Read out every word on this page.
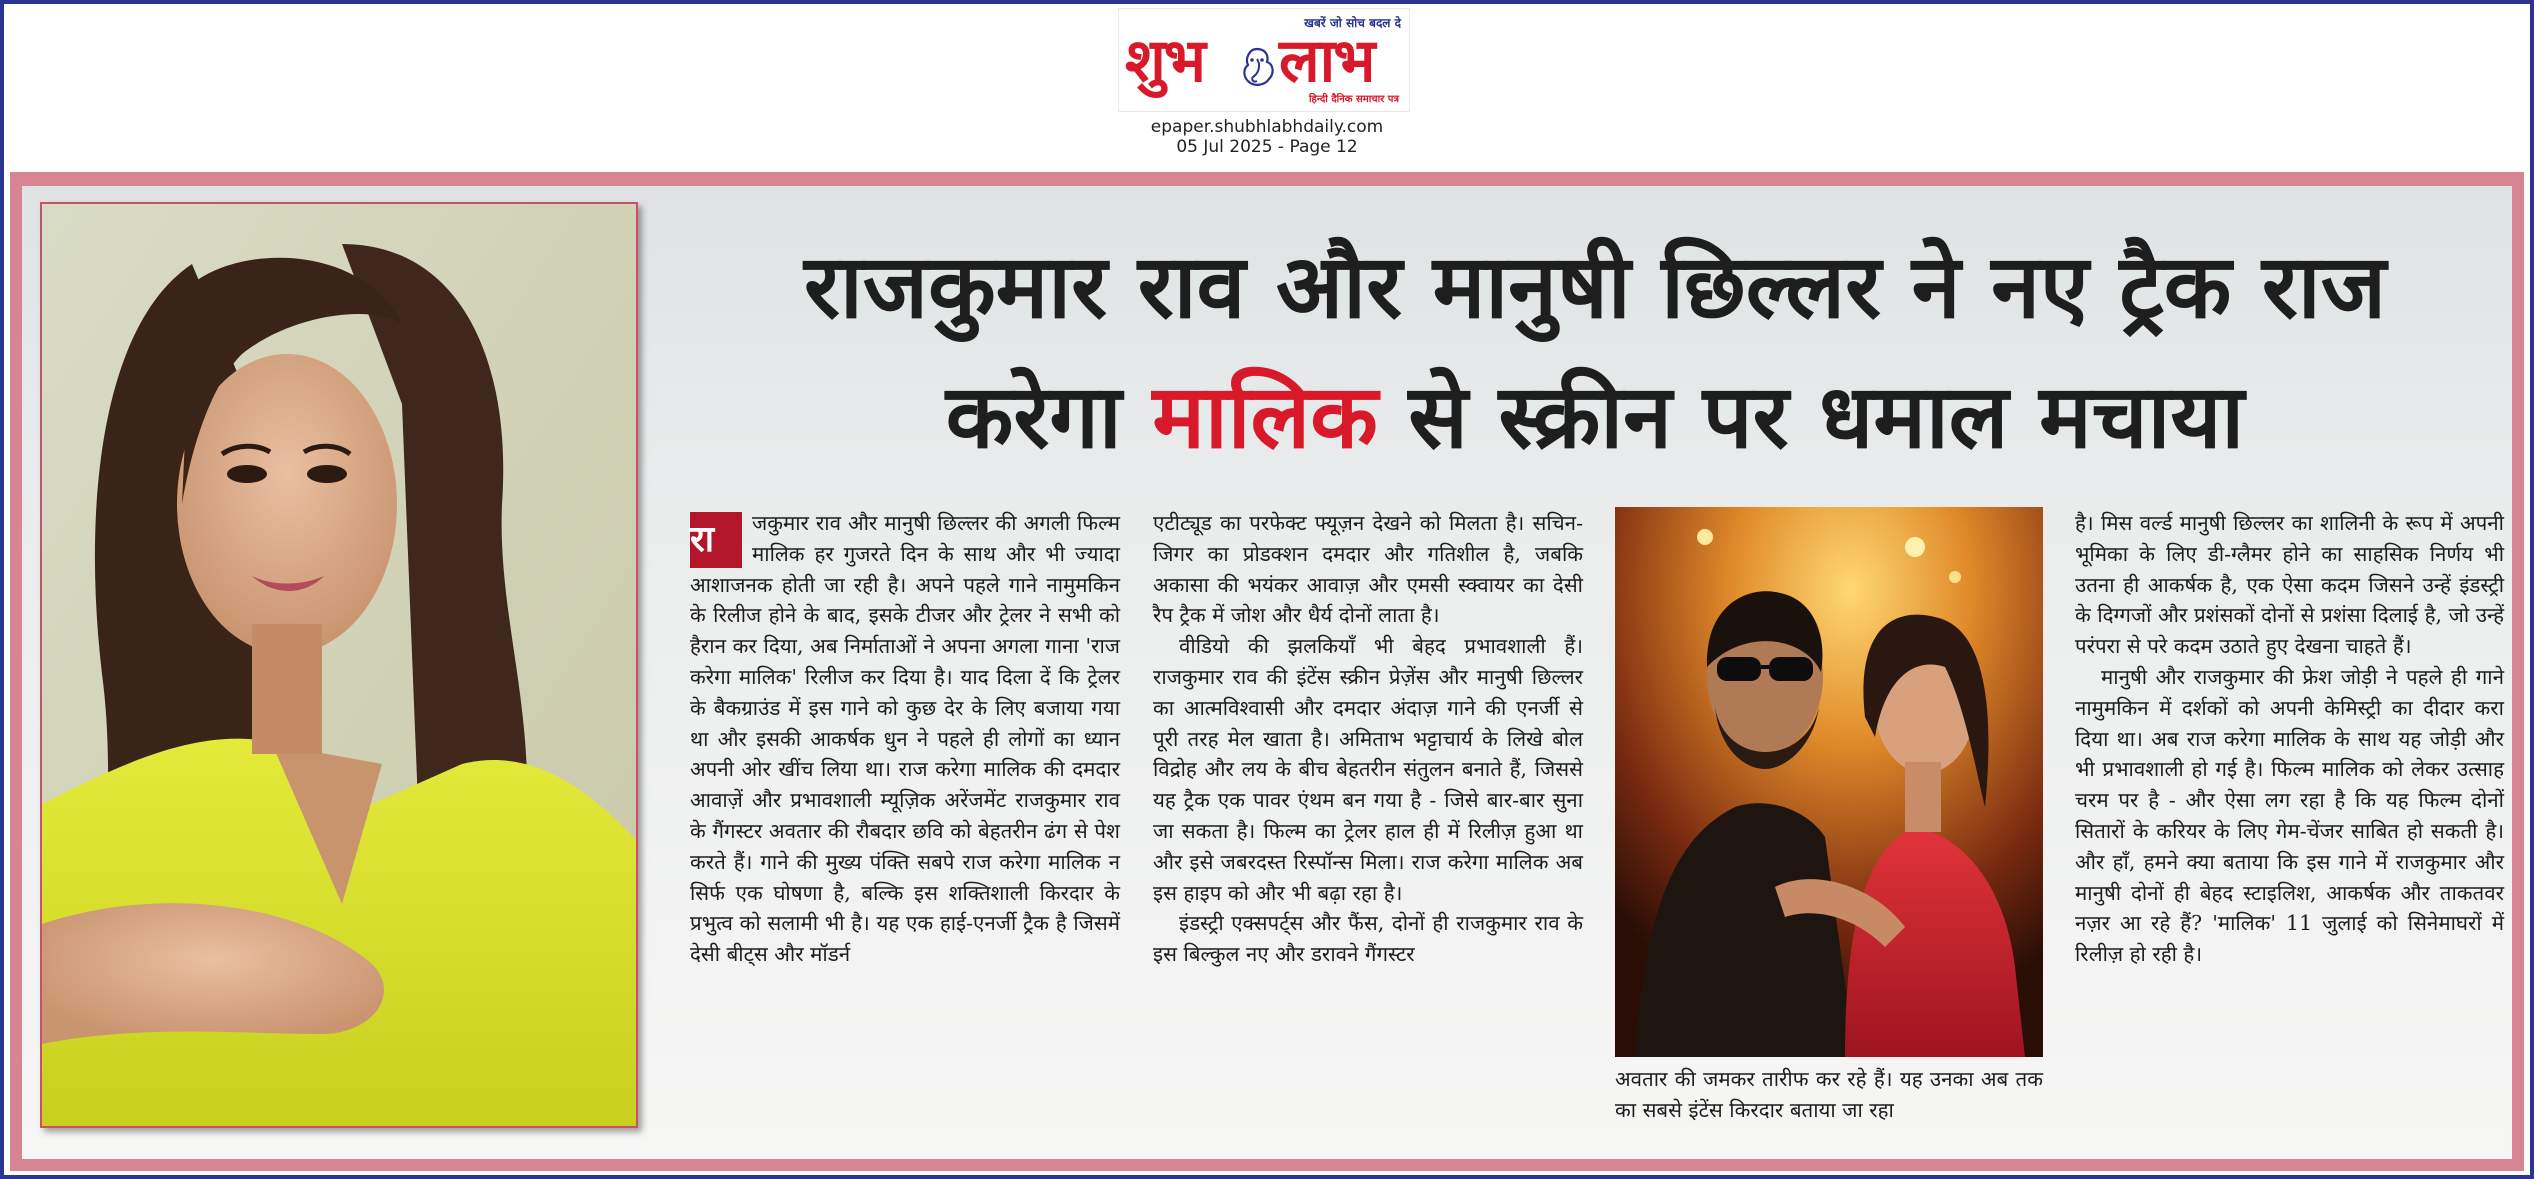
खबरें जो सोच बदल दे
शुभ लाभ
हिन्दी दैनिक समाचार पत्र
epaper.shubhlabhdaily.com
05 Jul 2025 - Page 12
राजकुमार राव और मानुषी छिल्लर ने नए ट्रैक राज
करेगा मालिक से स्क्रीन पर धमाल मचाया

रा	जकुमार राव और मानुषी छिल्लर की अगली फिल्म मालिक हर गुजरते दिन के साथ और भी ज्यादा आशाजनक होती जा रही है। अपने पहले गाने नामुमकिन के रिलीज होने के बाद, इसके टीजर और ट्रेलर ने सभी को हैरान कर दिया, अब निर्माताओं ने अपना अगला गाना 'राज करेगा मालिक' रिलीज कर दिया है। याद दिला दें कि ट्रेलर के बैकग्राउंड में इस गाने को कुछ देर के लिए बजाया गया था और इसकी आकर्षक धुन ने पहले ही लोगों का ध्यान अपनी ओर खींच लिया था। राज करेगा मालिक की दमदार आवाज़ें और प्रभावशाली म्यूज़िक अरेंजमेंट राजकुमार राव के गैंगस्टर अवतार की रौबदार छवि को बेहतरीन ढंग से पेश करते हैं। गाने की मुख्य पंक्ति सबपे राज करेगा मालिक न सिर्फ एक घोषणा है, बल्कि इस शक्तिशाली किरदार के प्रभुत्व को सलामी भी है। यह एक हाई-एनर्जी ट्रैक है जिसमें देसी बीट्स और मॉडर्न

एटीट्यूड का परफेक्ट फ्यूज़न देखने को मिलता है। सचिन-जिगर का प्रोडक्शन दमदार और गतिशील है, जबकि अकासा की भयंकर आवाज़ और एमसी स्क्वायर का देसी रैप ट्रैक में जोश और धैर्य दोनों लाता है।

वीडियो की झलकियाँ भी बेहद प्रभावशाली हैं। राजकुमार राव की इंटेंस स्क्रीन प्रेज़ेंस और मानुषी छिल्लर का आत्मविश्वासी और दमदार अंदाज़ गाने की एनर्जी से पूरी तरह मेल खाता है। अमिताभ भट्टाचार्य के लिखे बोल विद्रोह और लय के बीच बेहतरीन संतुलन बनाते हैं, जिससे यह ट्रैक एक पावर एंथम बन गया है - जिसे बार-बार सुना जा सकता है। फिल्म का ट्रेलर हाल ही में रिलीज़ हुआ था और इसे जबरदस्त रिस्पॉन्स मिला। राज करेगा मालिक अब इस हाइप को और भी बढ़ा रहा है।

इंडस्ट्री एक्सपर्ट्स और फैंस, दोनों ही राजकुमार राव के इस बिल्कुल नए और डरावने गैंगस्टर

अवतार की जमकर तारीफ कर रहे हैं। यह उनका अब तक का सबसे इंटेंस किरदार बताया जा रहा

है। मिस वर्ल्ड मानुषी छिल्लर का शालिनी के रूप में अपनी भूमिका के लिए डी-ग्लैमर होने का साहसिक निर्णय भी उतना ही आकर्षक है, एक ऐसा कदम जिसने उन्हें इंडस्ट्री के दिग्गजों और प्रशंसकों दोनों से प्रशंसा दिलाई है, जो उन्हें परंपरा से परे कदम उठाते हुए देखना चाहते हैं।

मानुषी और राजकुमार की फ्रेश जोड़ी ने पहले ही गाने नामुमकिन में दर्शकों को अपनी केमिस्ट्री का दीदार करा दिया था। अब राज करेगा मालिक के साथ यह जोड़ी और भी प्रभावशाली हो गई है। फिल्म मालिक को लेकर उत्साह चरम पर है - और ऐसा लग रहा है कि यह फिल्म दोनों सितारों के करियर के लिए गेम-चेंजर साबित हो सकती है। और हाँ, हमने क्या बताया कि इस गाने में राजकुमार और मानुषी दोनों ही बेहद स्टाइलिश, आकर्षक और ताकतवर नज़र आ रहे हैं? 'मालिक' 11 जुलाई को सिनेमाघरों में रिलीज़ हो रही है।
